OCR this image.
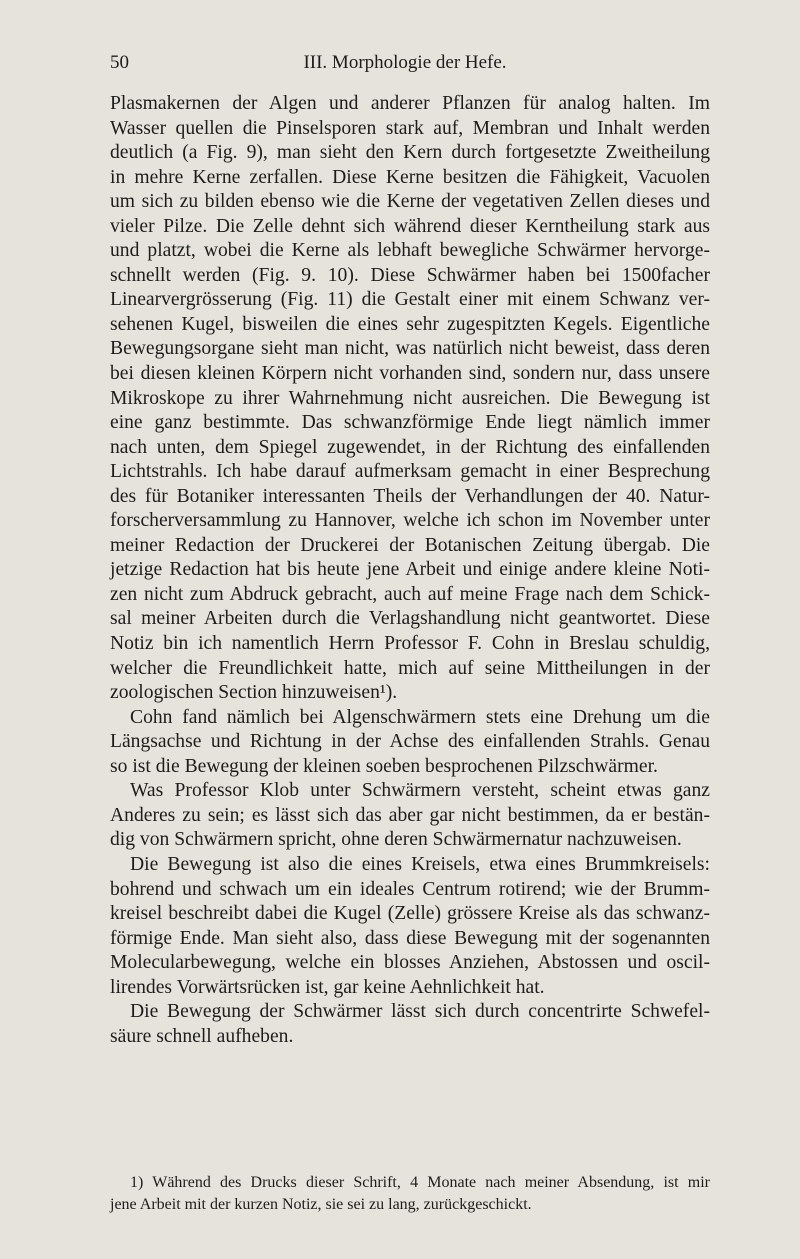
50	III. Morphologie der Hefe.
Plasmakernen der Algen und anderer Pflanzen für analog halten. Im
Wasser quellen die Pinselsporen stark auf, Membran und Inhalt werden
deutlich (a Fig. 9), man sieht den Kern durch fortgesetzte Zweitheilung
in mehre Kerne zerfallen. Diese Kerne besitzen die Fähigkeit, Vacuolen
um sich zu bilden ebenso wie die Kerne der vegetativen Zellen dieses und
vieler Pilze. Die Zelle dehnt sich während dieser Kerntheilung stark aus
und platzt, wobei die Kerne als lebhaft bewegliche Schwärmer hervorge-
schnellt werden (Fig. 9. 10). Diese Schwärmer haben bei 1500facher
Linearvergrösserung (Fig. 11) die Gestalt einer mit einem Schwanz ver-
sehenen Kugel, bisweilen die eines sehr zugespitzten Kegels. Eigentliche
Bewegungsorgane sieht man nicht, was natürlich nicht beweist, dass deren
bei diesen kleinen Körpern nicht vorhanden sind, sondern nur, dass unsere
Mikroskope zu ihrer Wahrnehmung nicht ausreichen. Die Bewegung ist
eine ganz bestimmte. Das schwanzförmige Ende liegt nämlich immer
nach unten, dem Spiegel zugewendet, in der Richtung des einfallenden
Lichtstrahls. Ich habe darauf aufmerksam gemacht in einer Besprechung
des für Botaniker interessanten Theils der Verhandlungen der 40. Natur-
forscherversammlung zu Hannover, welche ich schon im November unter
meiner Redaction der Druckerei der Botanischen Zeitung übergab. Die
jetzige Redaction hat bis heute jene Arbeit und einige andere kleine Noti-
zen nicht zum Abdruck gebracht, auch auf meine Frage nach dem Schick-
sal meiner Arbeiten durch die Verlagshandlung nicht geantwortet. Diese
Notiz bin ich namentlich Herrn Professor F. Cohn in Breslau schuldig,
welcher die Freundlichkeit hatte, mich auf seine Mittheilungen in der
zoologischen Section hinzuweisen¹).
Cohn fand nämlich bei Algenschwärmern stets eine Drehung um die
Längsachse und Richtung in der Achse des einfallenden Strahls. Genau
so ist die Bewegung der kleinen soeben besprochenen Pilzschwärmer.
Was Professor Klob unter Schwärmern versteht, scheint etwas ganz
Anderes zu sein; es lässt sich das aber gar nicht bestimmen, da er bestän-
dig von Schwärmern spricht, ohne deren Schwärmernatur nachzuweisen.
Die Bewegung ist also die eines Kreisels, etwa eines Brummkreisels:
bohrend und schwach um ein ideales Centrum rotirend; wie der Brumm-
kreisel beschreibt dabei die Kugel (Zelle) grössere Kreise als das schwanz-
förmige Ende. Man sieht also, dass diese Bewegung mit der sogenannten
Molecularbewegung, welche ein blosses Anziehen, Abstossen und oscil-
lirendes Vorwärtsrücken ist, gar keine Aehnlichkeit hat.
Die Bewegung der Schwärmer lässt sich durch concentrirte Schwefel-
säure schnell aufheben.
1) Während des Drucks dieser Schrift, 4 Monate nach meiner Absendung, ist mir
jene Arbeit mit der kurzen Notiz, sie sei zu lang, zurückgeschickt.
